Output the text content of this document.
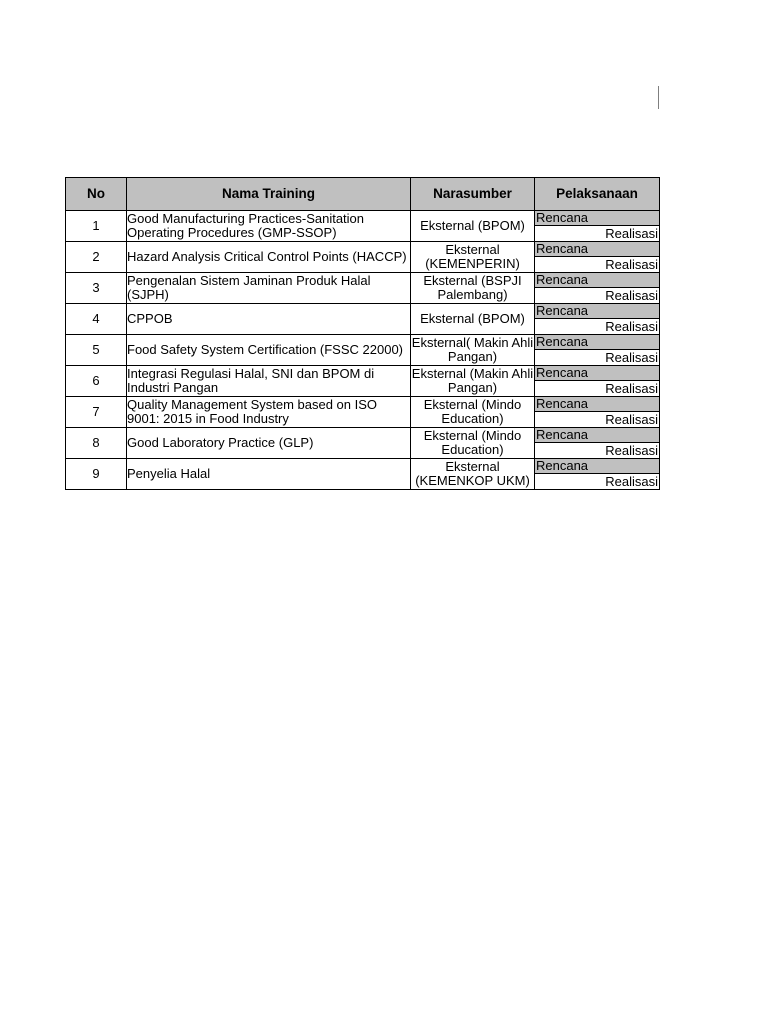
No	Nama Training	Narasumber	Pelaksanaan
1	Good Manufacturing Practices-Sanitation Operating Procedures (GMP-SSOP)	Eksternal (BPOM)	Rencana
Realisasi

2	Hazard Analysis Critical Control Points (HACCP)	Eksternal (KEMENPERIN)	Rencana
Realisasi

3	Pengenalan Sistem Jaminan Produk Halal (SJPH)	Eksternal (BSPJI Palembang)	Rencana
Realisasi

4	CPPOB	Eksternal (BPOM)	Rencana
Realisasi

5	Food Safety System Certification (FSSC 22000)	Eksternal( Makin Ahli Pangan)	Rencana
Realisasi

6	Integrasi Regulasi Halal, SNI dan BPOM di Industri Pangan	Eksternal (Makin Ahli Pangan)	Rencana
Realisasi

7	Quality Management System based on ISO 9001: 2015 in Food Industry	Eksternal (Mindo Education)	Rencana
Realisasi

8	Good Laboratory Practice (GLP)	Eksternal (Mindo Education)	Rencana
Realisasi

9	Penyelia Halal	Eksternal (KEMENKOP UKM)	Rencana
Realisasi
